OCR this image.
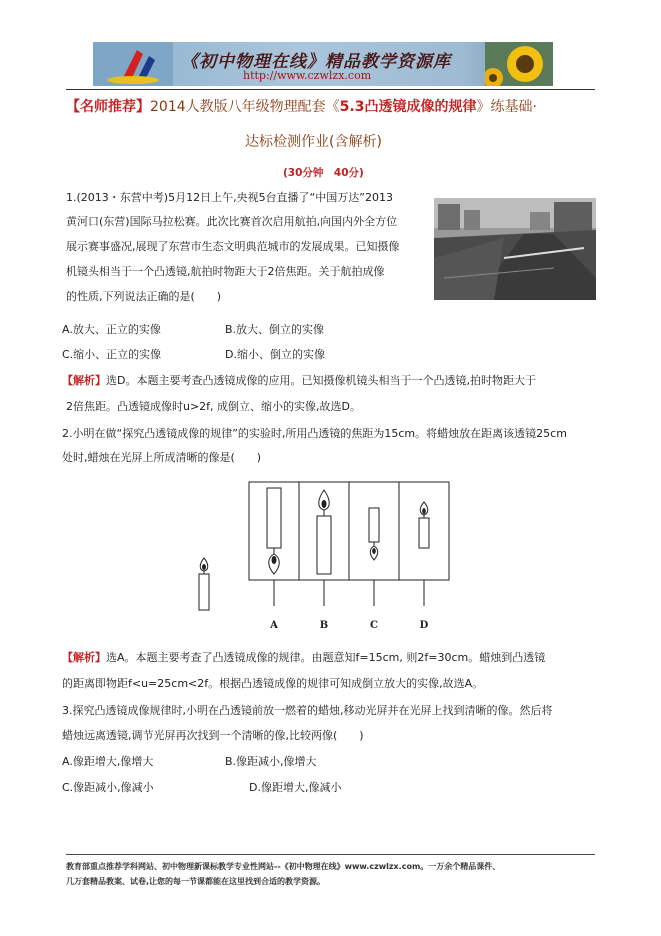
《初中物理在线》精品教学资源库
http://www.czwlzx.com
【名师推荐】2014人教版八年级物理配套《5.3凸透镜成像的规律》练基础·
达标检测作业(含解析)
(30分钟　40分)
1.(2013・东营中考)5月12日上午,央视5台直播了“中国万达”2013
黄河口(东营)国际马拉松赛。此次比赛首次启用航拍,向国内外全方位
展示赛事盛况,展现了东营市生态文明典范城市的发展成果。已知摄像
机镜头相当于一个凸透镜,航拍时物距大于2倍焦距。关于航拍成像
的性质,下列说法正确的是(　　)
A.放大、正立的实像	B.放大、倒立的实像
C.缩小、正立的实像	D.缩小、倒立的实像
【解析】选D。本题主要考查凸透镜成像的应用。已知摄像机镜头相当于一个凸透镜,拍时物距大于
2倍焦距。凸透镜成像时u>2f, 成倒立、缩小的实像,故选D。
2.小明在做“探究凸透镜成像的规律”的实验时,所用凸透镜的焦距为15cm。将蜡烛放在距离该透镜25cm
处时,蜡烛在光屏上所成清晰的像是(　　)
A	B	C	D
【解析】选A。本题主要考查了凸透镜成像的规律。由题意知f=15cm, 则2f=30cm。蜡烛到凸透镜
的距离即物距f<u=25cm<2f。根据凸透镜成像的规律可知成倒立放大的实像,故选A。
3.探究凸透镜成像规律时,小明在凸透镜前放一燃着的蜡烛,移动光屏并在光屏上找到清晰的像。然后将
蜡烛远离透镜,调节光屏再次找到一个清晰的像,比较两像(　　)
A.像距增大,像增大	B.像距减小,像增大
C.像距减小,像减小	D.像距增大,像减小
教育部重点推荐学科网站、初中物理新课标教学专业性网站--《初中物理在线》www.czwlzx.com。一万余个精品课件、
几万套精品教案、试卷,让您的每一节课都能在这里找到合适的教学资源。
